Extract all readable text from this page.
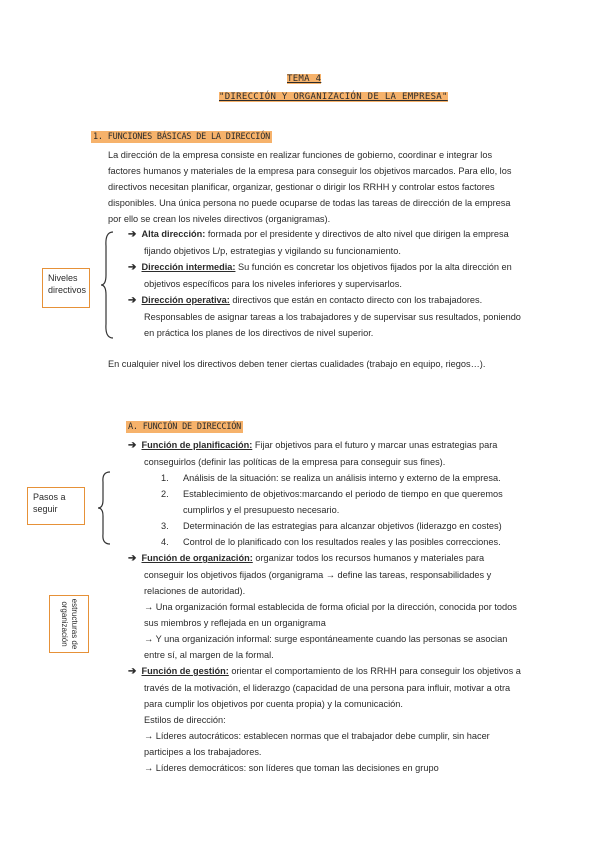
TEMA 4
"DIRECCIÓN Y ORGANIZACIÓN DE LA EMPRESA"
1. FUNCIONES BÁSICAS DE LA DIRECCIÓN
La dirección de la empresa consiste en realizar funciones de gobierno, coordinar e integrar los
factores humanos y materiales de la empresa para conseguir los objetivos marcados. Para ello, los
directivos necesitan planificar, organizar, gestionar o dirigir los RRHH y controlar estos factores
disponibles. Una única persona no puede ocuparse de todas las tareas de dirección de la empresa
por ello se crean los niveles directivos (organigramas).
Niveles directivos
➔ Alta dirección: formada por el presidente y directivos de alto nivel que dirigen la empresa
fijando objetivos L/p, estrategias y vigilando su funcionamiento.
➔ Dirección intermedia: Su función es concretar los objetivos fijados por la alta dirección en
objetivos específicos para los niveles inferiores y supervisarlos.
➔ Dirección operativa: directivos que están en contacto directo con los trabajadores.
Responsables de asignar tareas a los trabajadores y de supervisar sus resultados, poniendo
en práctica los planes de los directivos de nivel superior.
En cualquier nivel los directivos deben tener ciertas cualidades (trabajo en equipo, riegos…).
A. FUNCIÓN DE DIRECCIÓN
Pasos a seguir
estructuras de organización
➔ Función de planificación: Fijar objetivos para el futuro y marcar unas estrategias para
conseguirlos (definir las políticas de la empresa para conseguir sus fines).
1. Análisis de la situación: se realiza un análisis interno y externo de la empresa.
2. Establecimiento de objetivos:marcando el periodo de tiempo en que queremos
cumplirlos y el presupuesto necesario.
3. Determinación de las estrategias para alcanzar objetivos (liderazgo en costes)
4. Control de lo planificado con los resultados reales y las posibles correcciones.
➔ Función de organización: organizar todos los recursos humanos y materiales para
conseguir los objetivos fijados (organigrama → define las tareas, responsabilidades y
relaciones de autoridad).
→ Una organización formal establecida de forma oficial por la dirección, conocida por todos
sus miembros y reflejada en un organigrama
→ Y una organización informal: surge espontáneamente cuando las personas se asocian
entre sí, al margen de la formal.
➔ Función de gestión: orientar el comportamiento de los RRHH para conseguir los objetivos a
través de la motivación, el liderazgo (capacidad de una persona para influir, motivar a otra
para cumplir los objetivos por cuenta propia) y la comunicación.
Estilos de dirección:
→ Líderes autocráticos: establecen normas que el trabajador debe cumplir, sin hacer
participes a los trabajadores.
→ Líderes democráticos: son líderes que toman las decisiones en grupo
